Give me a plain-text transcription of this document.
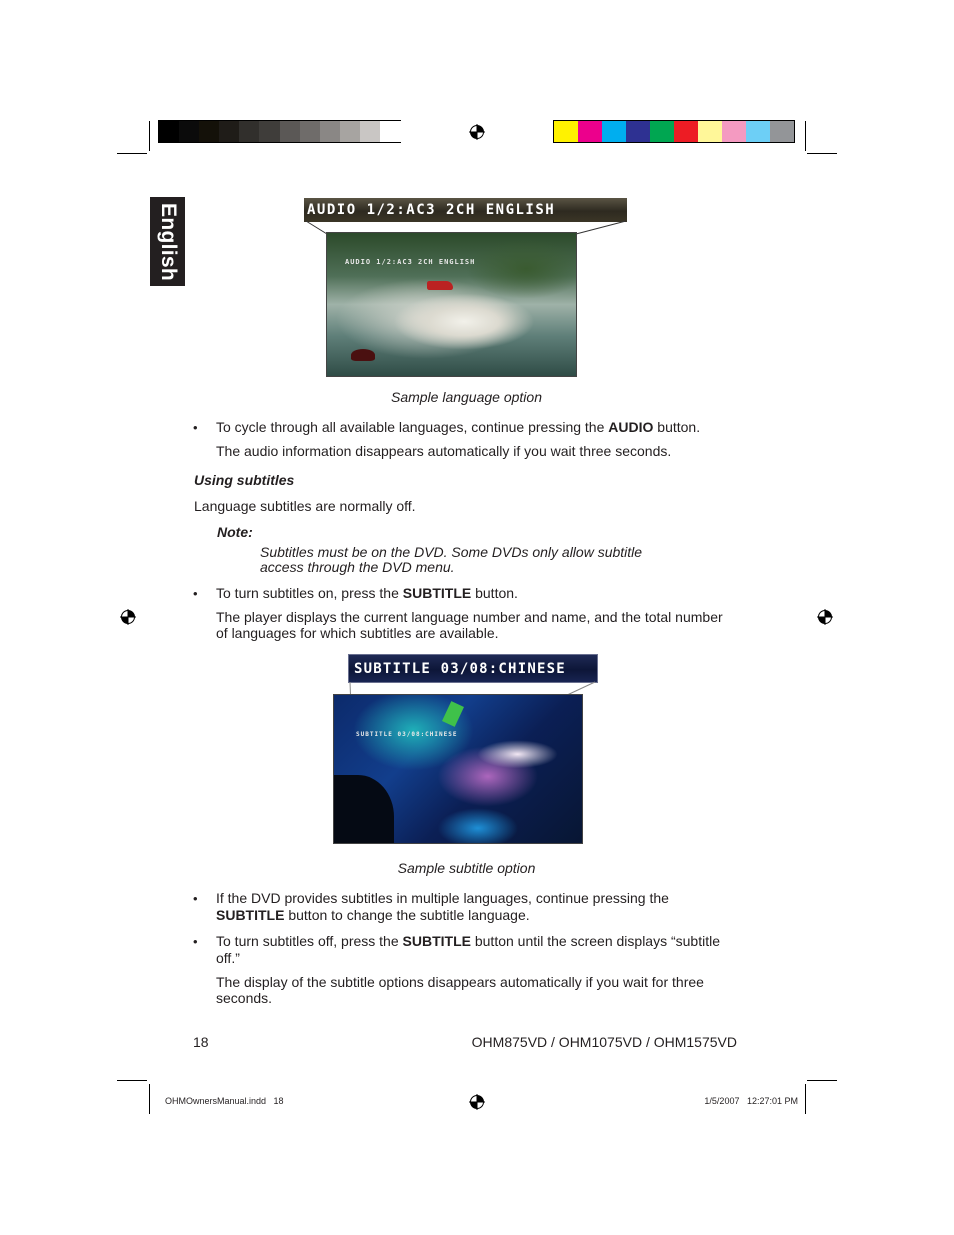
English	AUDIO 1/2:AC3 2CH ENGLISH
AUDIO 1/2:AC3 2CH ENGLISH
Sample language option
• To cycle through all available languages, continue pressing the AUDIO button.
The audio information disappears automatically if you wait three seconds.
Using subtitles
Language subtitles are normally off.
Note:
Subtitles must be on the DVD. Some DVDs only allow subtitle
access through the DVD menu.
• To turn subtitles on, press the SUBTITLE button.
The player displays the current language number and name, and the total number
of languages for which subtitles are available.
SUBTITLE 03/08:CHINESE
SUBTITLE 03/08:CHINESE
Sample subtitle option
• If the DVD provides subtitles in multiple languages, continue pressing the
SUBTITLE button to change the subtitle language.
• To turn subtitles off, press the SUBTITLE button until the screen displays “subtitle
off.”
The display of the subtitle options disappears automatically if you wait for three
seconds.
18	OHM875VD / OHM1075VD / OHM1575VD
OHMOwnersManual.indd   18	1/5/2007   12:27:01 PM
